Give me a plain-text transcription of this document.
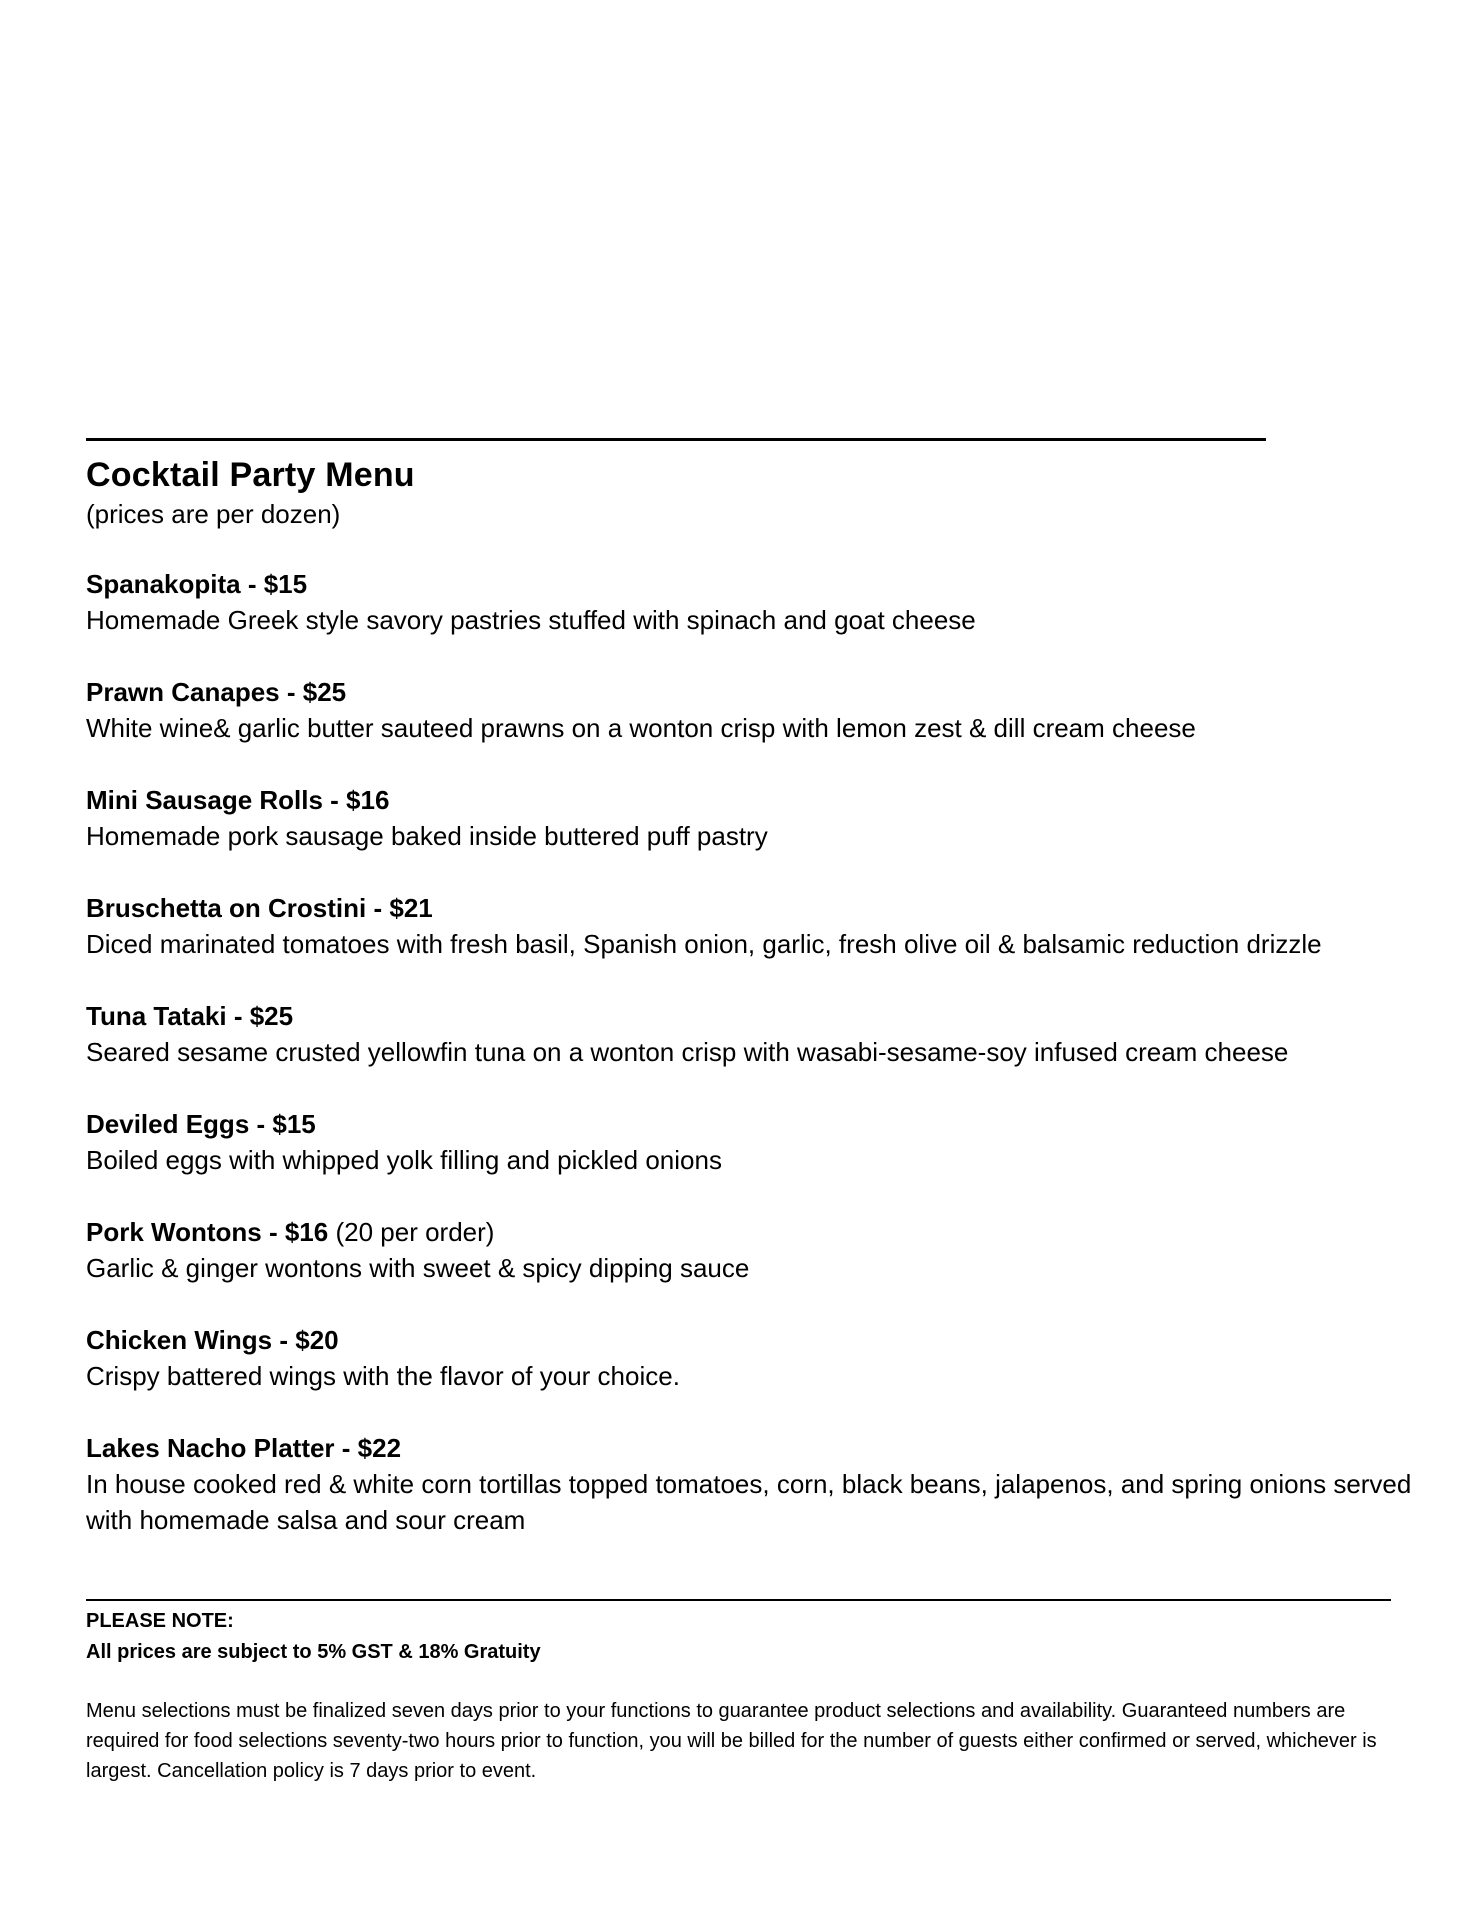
Cocktail Party Menu

(prices are per dozen)

Spanakopita - $15

Homemade Greek style savory pastries stuffed with spinach and goat cheese

Prawn Canapes - $25

White wine& garlic butter sauteed prawns on a wonton crisp with lemon zest & dill cream cheese

Mini Sausage Rolls - $16

Homemade pork sausage baked inside buttered puff pastry

Bruschetta on Crostini - $21

Diced marinated tomatoes with fresh basil, Spanish onion, garlic, fresh olive oil & balsamic reduction drizzle

Tuna Tataki - $25

Seared sesame crusted yellowfin tuna on a wonton crisp with wasabi-sesame-soy infused cream cheese

Deviled Eggs - $15

Boiled eggs with whipped yolk filling and pickled onions

Pork Wontons - $16 (20 per order)

Garlic & ginger wontons with sweet & spicy dipping sauce

Chicken Wings - $20

Crispy battered wings with the flavor of your choice.

Lakes Nacho Platter - $22

In house cooked red & white corn tortillas topped tomatoes, corn, black beans, jalapenos, and spring onions served with homemade salsa and sour cream

PLEASE NOTE:

All prices are subject to 5% GST & 18% Gratuity

Menu selections must be finalized seven days prior to your functions to guarantee product selections and availability. Guaranteed numbers are required for food selections seventy-two hours prior to function, you will be billed for the number of guests either confirmed or served, whichever is largest. Cancellation policy is 7 days prior to event.
